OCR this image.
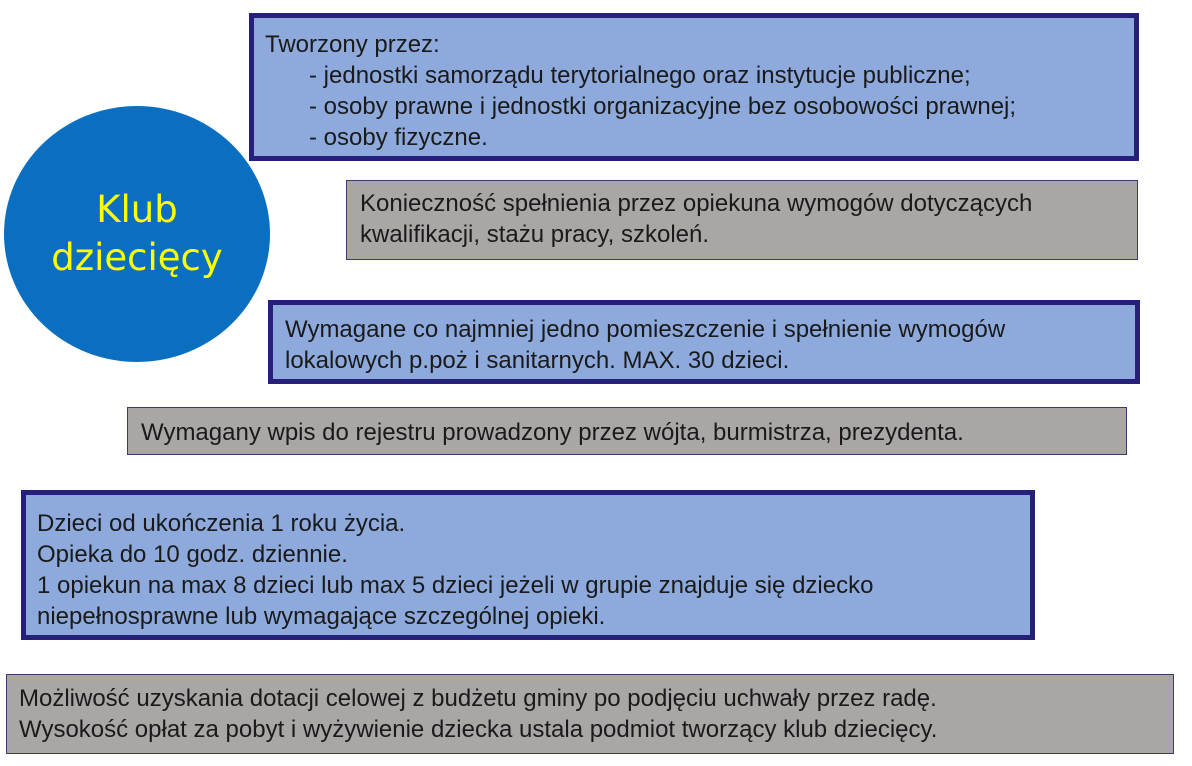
Klub dziecięcy
Tworzony przez:
- jednostki samorządu terytorialnego oraz instytucje publiczne;
- osoby prawne i jednostki organizacyjne bez osobowości prawnej;
- osoby fizyczne.
Konieczność spełnienia przez opiekuna wymogów dotyczących
kwalifikacji, stażu pracy, szkoleń.
Wymagane co najmniej jedno pomieszczenie i spełnienie wymogów
lokalowych p.poż i sanitarnych. MAX. 30 dzieci.
Wymagany wpis do rejestru prowadzony przez wójta, burmistrza, prezydenta.
Dzieci od ukończenia 1 roku życia.
Opieka do 10 godz. dziennie.
1 opiekun na max 8 dzieci lub max 5 dzieci jeżeli w grupie znajduje się dziecko
niepełnosprawne lub wymagające szczególnej opieki.
Możliwość uzyskania dotacji celowej z budżetu gminy po podjęciu uchwały przez radę.
Wysokość opłat za pobyt i wyżywienie dziecka ustala podmiot tworzący klub dziecięcy.
